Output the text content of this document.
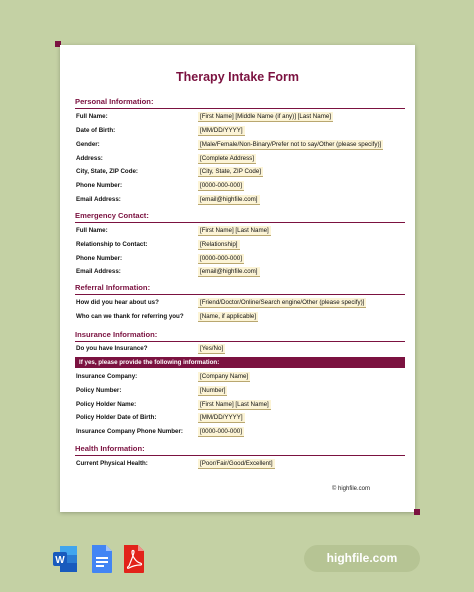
Therapy Intake Form
Personal Information:
Full Name:	[First Name] [Middle Name (if any)] [Last Name]
Date of Birth:	[MM/DD/YYYY]
Gender:	[Male/Female/Non-Binary/Prefer not to say/Other (please specify)]
Address:	[Complete Address]
City, State, ZIP Code:	[City, State, ZIP Code]
Phone Number:	[0000-000-000]
Email Address:	[email@highfile.com]
Emergency Contact:
Full Name:	[First Name] [Last Name]
Relationship to Contact:	[Relationship]
Phone Number:	[0000-000-000]
Email Address:	[email@highfile.com]
Referral Information:
How did you hear about us?	[Friend/Doctor/Online/Search engine/Other (please specify)]
Who can we thank for referring you?	[Name, if applicable]
Insurance Information:
Do you have Insurance?	[Yes/No]
If yes, please provide the following information:
Insurance Company:	[Company Name]
Policy Number:	[Number]
Policy Holder Name:	[First Name] [Last Name]
Policy Holder Date of Birth:	[MM/DD/YYYY]
Insurance Company Phone Number:	[0000-000-000]
Health Information:
Current Physical Health:	[Poor/Fair/Good/Excellent]
© highfile.com
W	highfile.com
